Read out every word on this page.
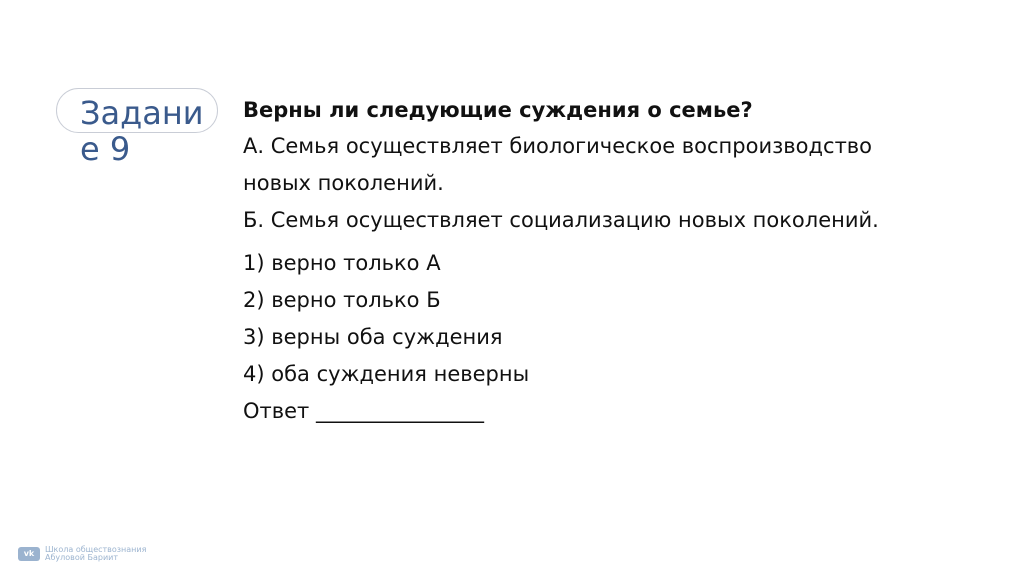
Задание 9

Верны ли следующие суждения о семье?

А. Семья осуществляет биологическое воспроизводство

новых поколений.

Б. Семья осуществляет социализацию новых поколений.

1) верно только А

2) верно только Б

3) верны оба суждения

4) оба суждения неверны

Ответ ________________

vk	Школа обществознания
Абуловой Бариит
